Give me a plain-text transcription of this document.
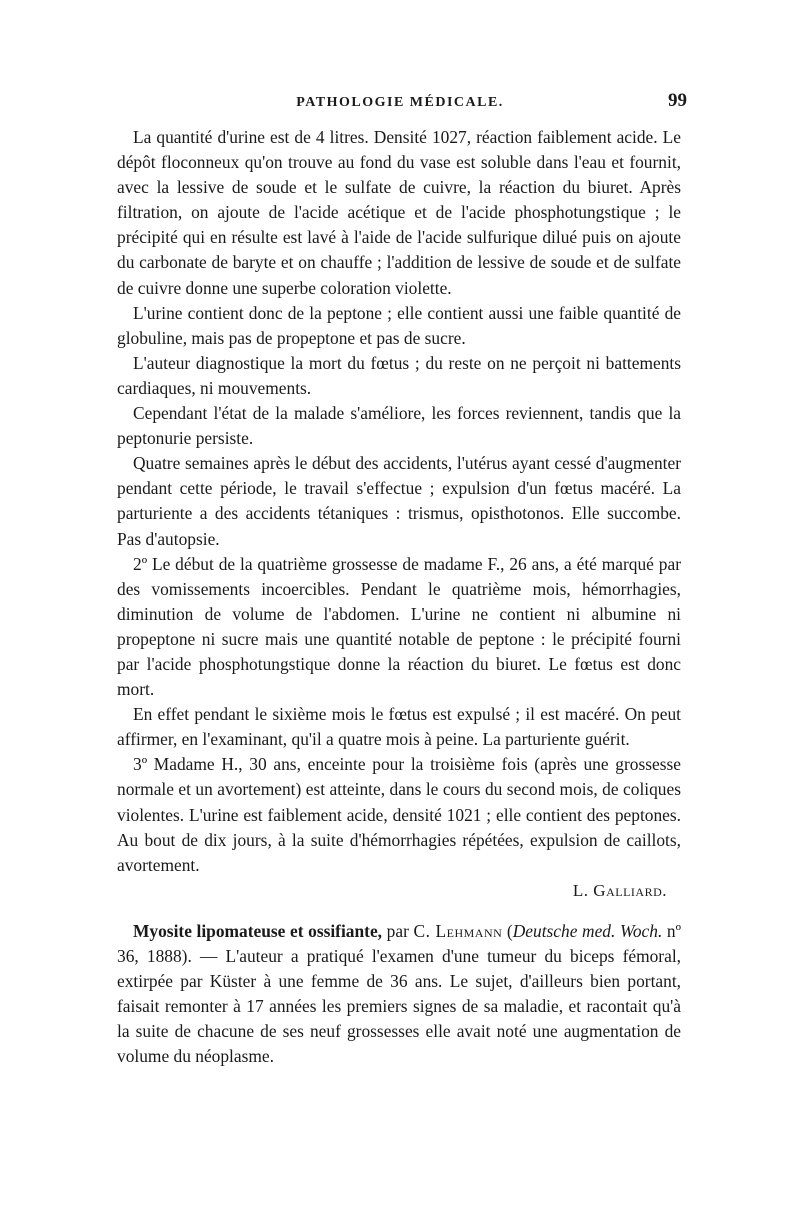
PATHOLOGIE MÉDICALE.	99

La quantité d'urine est de 4 litres. Densité 1027, réaction faiblement acide. Le dépôt floconneux qu'on trouve au fond du vase est soluble dans l'eau et fournit, avec la lessive de soude et le sulfate de cuivre, la réaction du biuret. Après filtration, on ajoute de l'acide acétique et de l'acide phosphotungstique ; le précipité qui en résulte est lavé à l'aide de l'acide sulfurique dilué puis on ajoute du carbonate de baryte et on chauffe ; l'addition de lessive de soude et de sulfate de cuivre donne une superbe coloration violette.

L'urine contient donc de la peptone ; elle contient aussi une faible quantité de globuline, mais pas de propeptone et pas de sucre.

L'auteur diagnostique la mort du fœtus ; du reste on ne perçoit ni battements cardiaques, ni mouvements.

Cependant l'état de la malade s'améliore, les forces reviennent, tandis que la peptonurie persiste.

Quatre semaines après le début des accidents, l'utérus ayant cessé d'augmenter pendant cette période, le travail s'effectue ; expulsion d'un fœtus macéré. La parturiente a des accidents tétaniques : trismus, opisthotonos. Elle succombe. Pas d'autopsie.

2º Le début de la quatrième grossesse de madame F., 26 ans, a été marqué par des vomissements incoercibles. Pendant le quatrième mois, hémorrhagies, diminution de volume de l'abdomen. L'urine ne contient ni albumine ni propeptone ni sucre mais une quantité notable de peptone : le précipité fourni par l'acide phosphotungstique donne la réaction du biuret. Le fœtus est donc mort.

En effet pendant le sixième mois le fœtus est expulsé ; il est macéré. On peut affirmer, en l'examinant, qu'il a quatre mois à peine. La parturiente guérit.

3º Madame H., 30 ans, enceinte pour la troisième fois (après une grossesse normale et un avortement) est atteinte, dans le cours du second mois, de coliques violentes. L'urine est faiblement acide, densité 1021 ; elle contient des peptones. Au bout de dix jours, à la suite d'hémorrhagies répétées, expulsion de caillots, avortement.

L. Galliard.

Myosite lipomateuse et ossifiante, par C. Lehmann (Deutsche med. Woch. nº 36, 1888). — L'auteur a pratiqué l'examen d'une tumeur du biceps fémoral, extirpée par Küster à une femme de 36 ans. Le sujet, d'ailleurs bien portant, faisait remonter à 17 années les premiers signes de sa maladie, et racontait qu'à la suite de chacune de ses neuf grossesses elle avait noté une augmentation de volume du néoplasme.
